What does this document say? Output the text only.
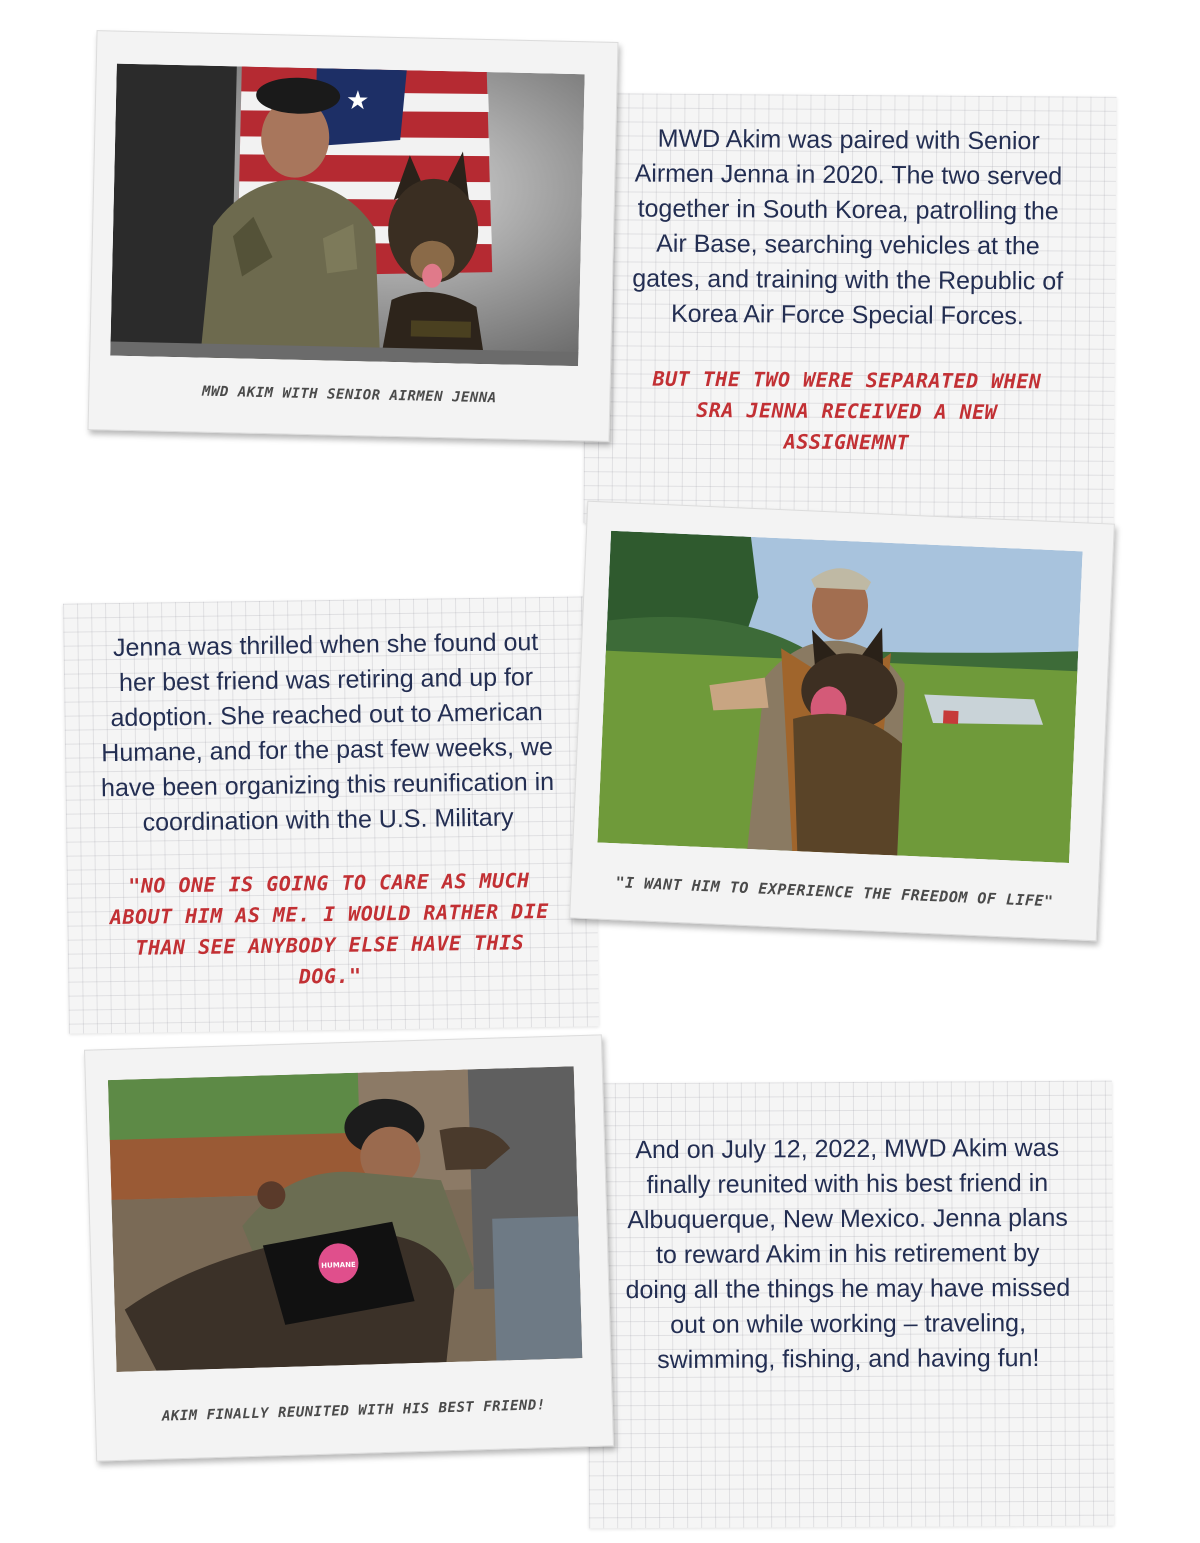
MWD Akim was paired with Senior Airmen Jenna in 2020. The two served together in South Korea, patrolling the Air Base, searching vehicles at the gates, and training with the Republic of Korea Air Force Special Forces.

BUT THE TWO WERE SEPARATED WHEN SRA JENNA RECEIVED A NEW ASSIGNEMNT

★
MWD AKIM WITH SENIOR AIRMEN JENNA

Jenna was thrilled when she found out her best friend was retiring and up for adoption. She reached out to American Humane, and for the past few weeks, we have been organizing this reunification in coordination with the U.S. Military

"NO ONE IS GOING TO CARE AS MUCH ABOUT HIM AS ME. I WOULD RATHER DIE THAN SEE ANYBODY ELSE HAVE THIS DOG."

"I WANT HIM TO EXPERIENCE THE FREEDOM OF LIFE"

And on July 12, 2022, MWD Akim was finally reunited with his best friend in Albuquerque, New Mexico. Jenna plans to reward Akim in his retirement by doing all the things he may have missed out on while working – traveling, swimming, fishing, and having fun!

HUMANE
AKIM FINALLY REUNITED WITH HIS BEST FRIEND!
